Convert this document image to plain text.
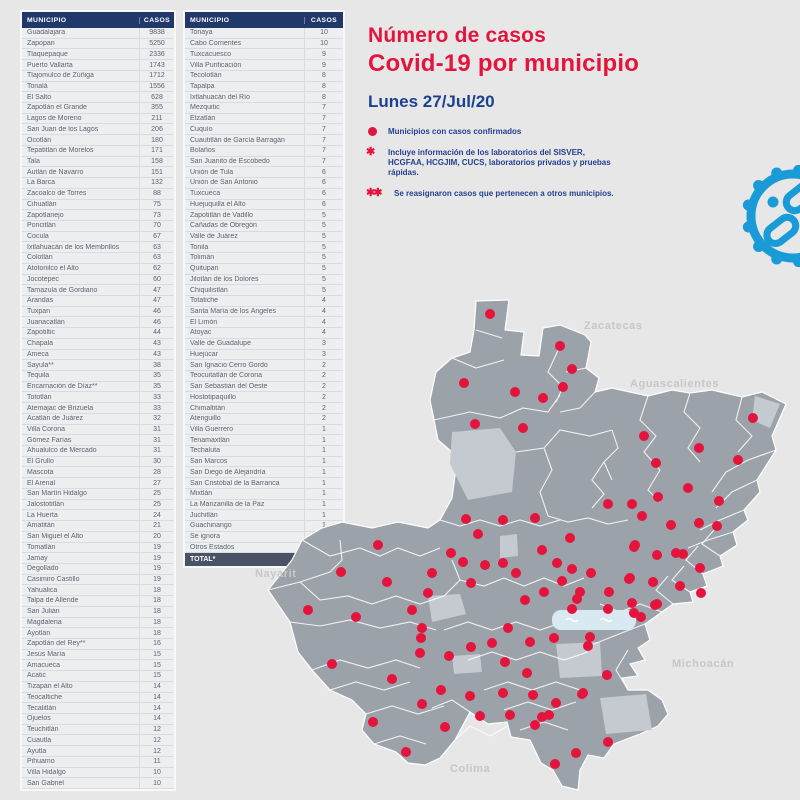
MUNICIPIO	CASOS
Guadalajara	9838
Zapopan	5250
Tlaquepaque	2336
Puerto Vallarta	1743
Tlajomulco de Zúñiga	1712
Tonalá	1556
El Salto	628
Zapotlán el Grande	355
Lagos de Moreno	211
San Juan de los Lagos	206
Ocotlán	180
Tepatitlán de Morelos	171
Tala	158
Autlán de Navarro	151
La Barca	132
Zacoalco de Torres	88
Cihuatlán	75
Zapotlanejo	73
Poncitlán	70
Cocula	67
Ixtlahuacán de los Membrillos	63
Colotlán	63
Atotonilco el Alto	62
Jocotepec	60
Tamazula de Gordiano	47
Arandas	47
Tuxpan	46
Juanacatlán	46
Zapotiltic	44
Chapala	43
Ameca	43
Sayula**	38
Tequila	35
Encarnación de Díaz**	35
Tototlán	33
Atemajac de Brizuela	33
Acatlán de Juárez	32
Villa Corona	31
Gómez Farías	31
Ahualulco de Mercado	31
El Grullo	30
Mascota	28
El Arenal	27
San Martín Hidalgo	25
Jalostotitlán	25
La Huerta	24
Amatitán	21
San Miguel el Alto	20
Tomatlán	19
Jamay	19
Degollado	19
Casimiro Castillo	19
Yahualica	18
Talpa de Allende	18
San Julián	18
Magdalena	18
Ayotlán	18
Zapotlán del Rey**	16
Jesús María	15
Amacueca	15
Acatic	15
Tizapán el Alto	14
Teocaltiche	14
Tecalitlán	14
Ojuelos	14
Teuchitlán	12
Cuautla	12
Ayutla	12
Pihuamo	11
Villa Hidalgo	10
San Gabriel	10
MUNICIPIO	CASOS
Tonaya	10
Cabo Corrientes	10
Tuxcacuesco	9
Villa Purificación	9
Tecolotlán	8
Tapalpa	8
Ixtlahuacán del Río	8
Mezquitic	7
Etzatlán	7
Cuquío	7
Cuautitlán de García Barragán	7
Bolaños	7
San Juanito de Escobedo	7
Unión de Tula	6
Unión de San Antonio	6
Tuxcueca	6
Huejuquilla el Alto	6
Zapotitlán de Vadillo	5
Cañadas de Obregón	5
Valle de Juárez	5
Tonila	5
Tolimán	5
Quitupan	5
Jilotlán de los Dolores	5
Chiquilistlán	5
Totatiche	4
Santa María de los Ángeles	4
El Limón	4
Atoyac	4
Valle de Guadalupe	3
Huejúcar	3
San Ignacio Cerro Gordo	2
Teocuitatlán de Corona	2
San Sebastián del Oeste	2
Hostotipaquillo	2
Chimaltitán	2
Atenguillo	2
Villa Guerrero	1
Tenamaxtlán	1
Techaluta	1
San Marcos	1
San Diego de Alejandría	1
San Cristóbal de la Barranca	1
Mixtlán	1
La Manzanilla de la Paz	1
Juchitlán	1
Guachinango	1
Se ignora
Otros Estados
TOTAL*
Número de casos
Covid-19 por municipio
Lunes 27/Jul/20
Municipios con casos confirmados
✱ Incluye información de los laboratorios del SISVER, HCGFAA, HCGJIM, CUCS, laboratorios privados y pruebas rápidas.
✱✱ Se reasignaron casos que pertenecen a otros municipios.
Zacatecas
Aguascalientes
Nayarit
Michoacán
Colima
